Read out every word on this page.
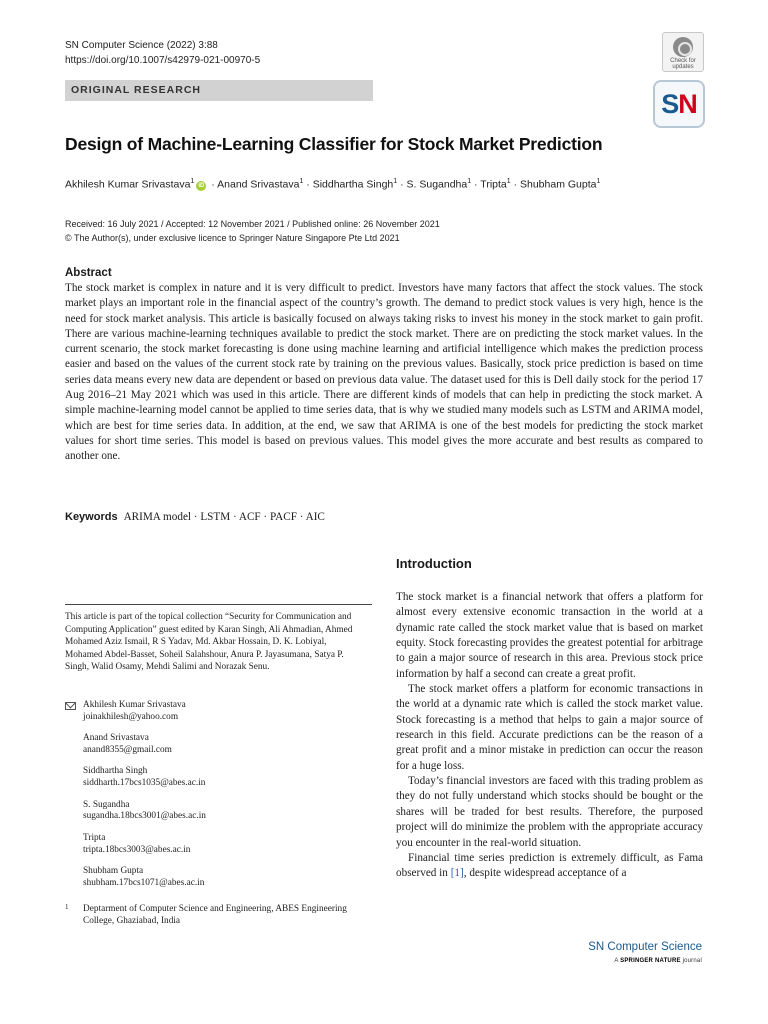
SN Computer Science (2022) 3:88
https://doi.org/10.1007/s42979-021-00970-5	Check for
updates
SN
ORIGINAL RESEARCH
Design of Machine-Learning Classifier for Stock Market Prediction
Akhilesh Kumar Srivastava$^1$iD · Anand Srivastava$^1$ · Siddhartha Singh$^1$ · S. Sugandha$^1$ · Tripta$^1$ · Shubham Gupta$^1$
Received: 16 July 2021 / Accepted: 12 November 2021 / Published online: 26 November 2021
© The Author(s), under exclusive licence to Springer Nature Singapore Pte Ltd 2021
Abstract

The stock market is complex in nature and it is very difficult to predict. Investors have many factors that affect the stock values. The stock market plays an important role in the financial aspect of the country’s growth. The demand to predict stock values is very high, hence is the need for stock market analysis. This article is basically focused on always taking risks to invest his money in the stock market to gain profit. There are various machine-learning techniques available to predict the stock market. There are on predicting the stock market values. In the current scenario, the stock market forecasting is done using machine learning and artificial intelligence which makes the prediction process easier and based on the values of the current stock rate by training on the previous values. Basically, stock price prediction is based on time series data means every new data are dependent or based on previous data value. The dataset used for this is Dell daily stock for the period 17 Aug 2016–21 May 2021 which was used in this article. There are different kinds of models that can help in predicting the stock market. A simple machine-learning model cannot be applied to time series data, that is why we studied many models such as LSTM and ARIMA model, which are best for time series data. In addition, at the end, we saw that ARIMA is one of the best models for predicting the stock market values for short time series. This model is based on previous values. This model gives the more accurate and best results as compared to another one.

Keywords ARIMA model · LSTM · ACF · PACF · AIC

This article is part of the topical collection “Security for Communication and Computing Application” guest edited by Karan Singh, Ali Ahmadian, Ahmed Mohamed Aziz Ismail, R S Yadav, Md. Akbar Hossain, D. K. Lobiyal, Mohamed Abdel-Basset, Soheil Salahshour, Anura P. Jayasumana, Satya P. Singh, Walid Osamy, Mehdi Salimi and Norazak Senu.

Akhilesh Kumar Srivastava
joinakhilesh@yahoo.com
Anand Srivastava
anand8355@gmail.com
Siddhartha Singh
siddharth.17bcs1035@abes.ac.in
S. Sugandha
sugandha.18bcs3001@abes.ac.in
Tripta
tripta.18bcs3003@abes.ac.in
Shubham Gupta
shubham.17bcs1071@abes.ac.in
1	Deptarment of Computer Science and Engineering, ABES Engineering College, Ghaziabad, India
Introduction

The stock market is a financial network that offers a platform for almost every extensive economic transaction in the world at a dynamic rate called the stock market value that is based on market equity. Stock forecasting provides the greatest potential for arbitrage to gain a major source of research in this area. Previous stock price information by half a second can create a great profit.

The stock market offers a platform for economic transactions in the world at a dynamic rate which is called the stock market value. Stock forecasting is a method that helps to gain a major source of research in this field. Accurate predictions can be the reason of a great profit and a minor mistake in prediction can occur the reason for a huge loss.

Today’s financial investors are faced with this trading problem as they do not fully understand which stocks should be bought or the shares will be traded for best results. Therefore, the purposed project will do minimize the problem with the appropriate accuracy you encounter in the real-world situation.

Financial time series prediction is extremely difficult, as Fama observed in [1], despite widespread acceptance of a

SN Computer Science
A SPRINGER NATURE journal
